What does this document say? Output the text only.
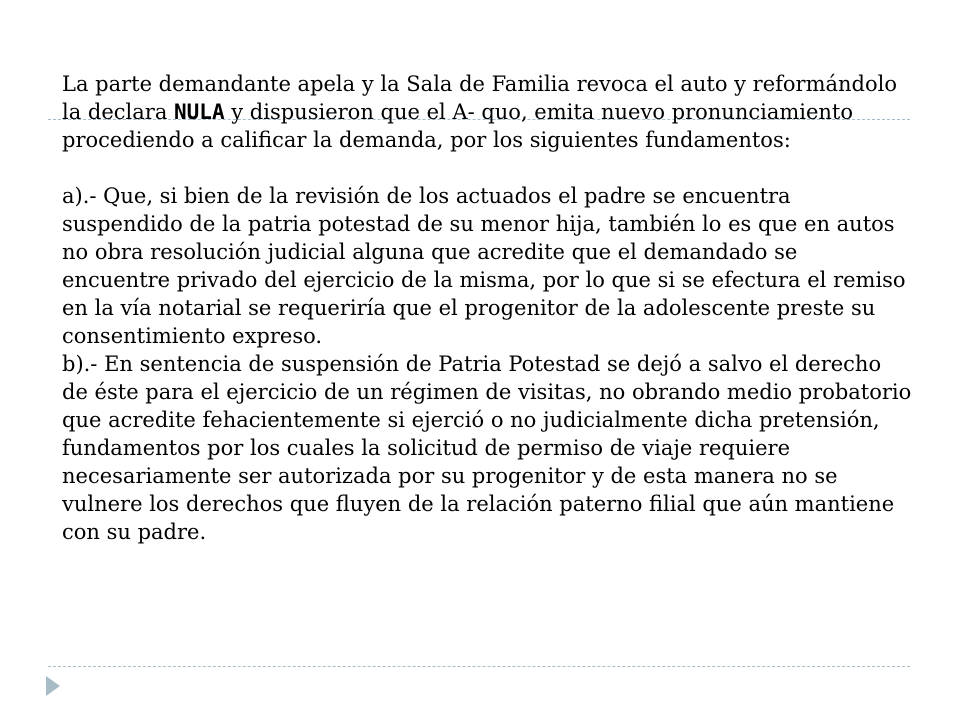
La parte demandante apela y la Sala de Familia revoca el auto y reformándolo la declara NULA y dispusieron que el A- quo, emita nuevo pronunciamiento procediendo a calificar la demanda, por los siguientes fundamentos:

a).- Que, si bien de la revisión de los actuados el padre se encuentra suspendido de la patria potestad de su menor hija, también lo es que en autos no obra resolución judicial alguna que acredite que el demandado se encuentre privado del ejercicio de la misma, por lo que si se efectura el remiso en la vía notarial se requeriría que el progenitor de la adolescente preste su consentimiento expreso.

b).- En sentencia de suspensión de Patria Potestad se dejó a salvo el derecho de éste para el ejercicio de un régimen de visitas, no obrando medio probatorio que acredite fehacientemente si ejerció o no judicialmente dicha pretensión, fundamentos por los cuales la solicitud de permiso de viaje requiere necesariamente ser autorizada por su progenitor y de esta manera no se vulnere los derechos que fluyen de la relación paterno filial que aún mantiene con su padre.
